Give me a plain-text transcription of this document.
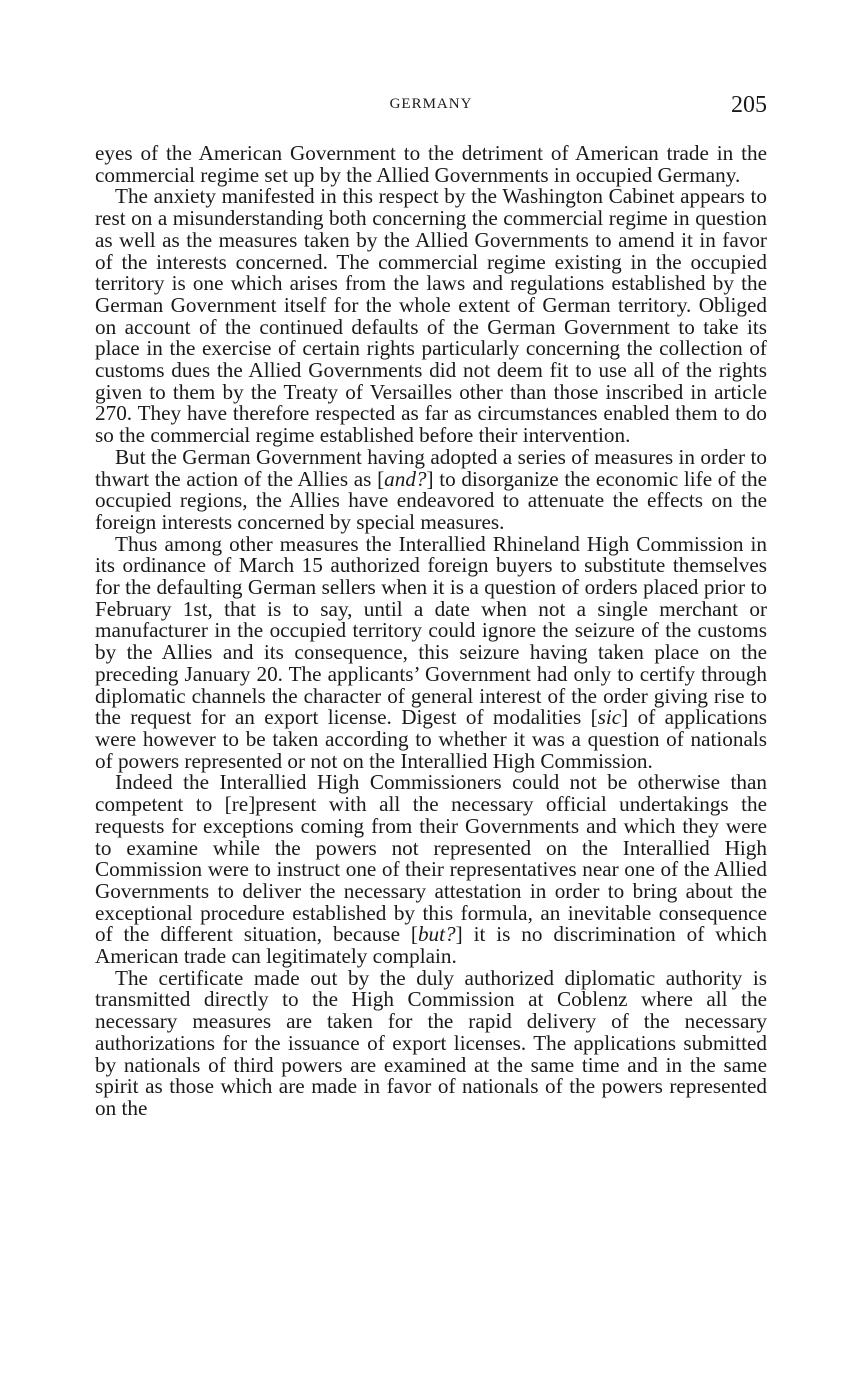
GERMANY	205

eyes of the American Government to the detriment of American trade in the commercial regime set up by the Allied Governments in occupied Germany.

The anxiety manifested in this respect by the Washington Cabinet appears to rest on a misunderstanding both concerning the commercial regime in question as well as the measures taken by the Allied Governments to amend it in favor of the interests concerned. The commercial regime existing in the occupied territory is one which arises from the laws and regulations established by the German Government itself for the whole extent of German territory. Obliged on account of the continued defaults of the German Government to take its place in the exercise of certain rights particularly concerning the collection of customs dues the Allied Governments did not deem fit to use all of the rights given to them by the Treaty of Versailles other than those inscribed in article 270. They have therefore respected as far as circumstances enabled them to do so the commercial regime established before their intervention.

But the German Government having adopted a series of measures in order to thwart the action of the Allies as [and?] to disorganize the economic life of the occupied regions, the Allies have endeavored to attenuate the effects on the foreign interests concerned by special measures.

Thus among other measures the Interallied Rhineland High Commission in its ordinance of March 15 authorized foreign buyers to substitute themselves for the defaulting German sellers when it is a question of orders placed prior to February 1st, that is to say, until a date when not a single merchant or manufacturer in the occupied territory could ignore the seizure of the customs by the Allies and its consequence, this seizure having taken place on the preceding January 20. The applicants’ Government had only to certify through diplomatic channels the character of general interest of the order giving rise to the request for an export license. Digest of modalities [sic] of applications were however to be taken according to whether it was a question of nationals of powers represented or not on the Interallied High Commission.

Indeed the Interallied High Commissioners could not be otherwise than competent to [re]present with all the necessary official undertakings the requests for exceptions coming from their Governments and which they were to examine while the powers not represented on the Interallied High Commission were to instruct one of their representatives near one of the Allied Governments to deliver the necessary attestation in order to bring about the exceptional procedure established by this formula, an inevitable consequence of the different situation, because [but?] it is no discrimination of which American trade can legitimately complain.

The certificate made out by the duly authorized diplomatic authority is transmitted directly to the High Commission at Coblenz where all the necessary measures are taken for the rapid delivery of the necessary authorizations for the issuance of export licenses. The applications submitted by nationals of third powers are examined at the same time and in the same spirit as those which are made in favor of nationals of the powers represented on the
